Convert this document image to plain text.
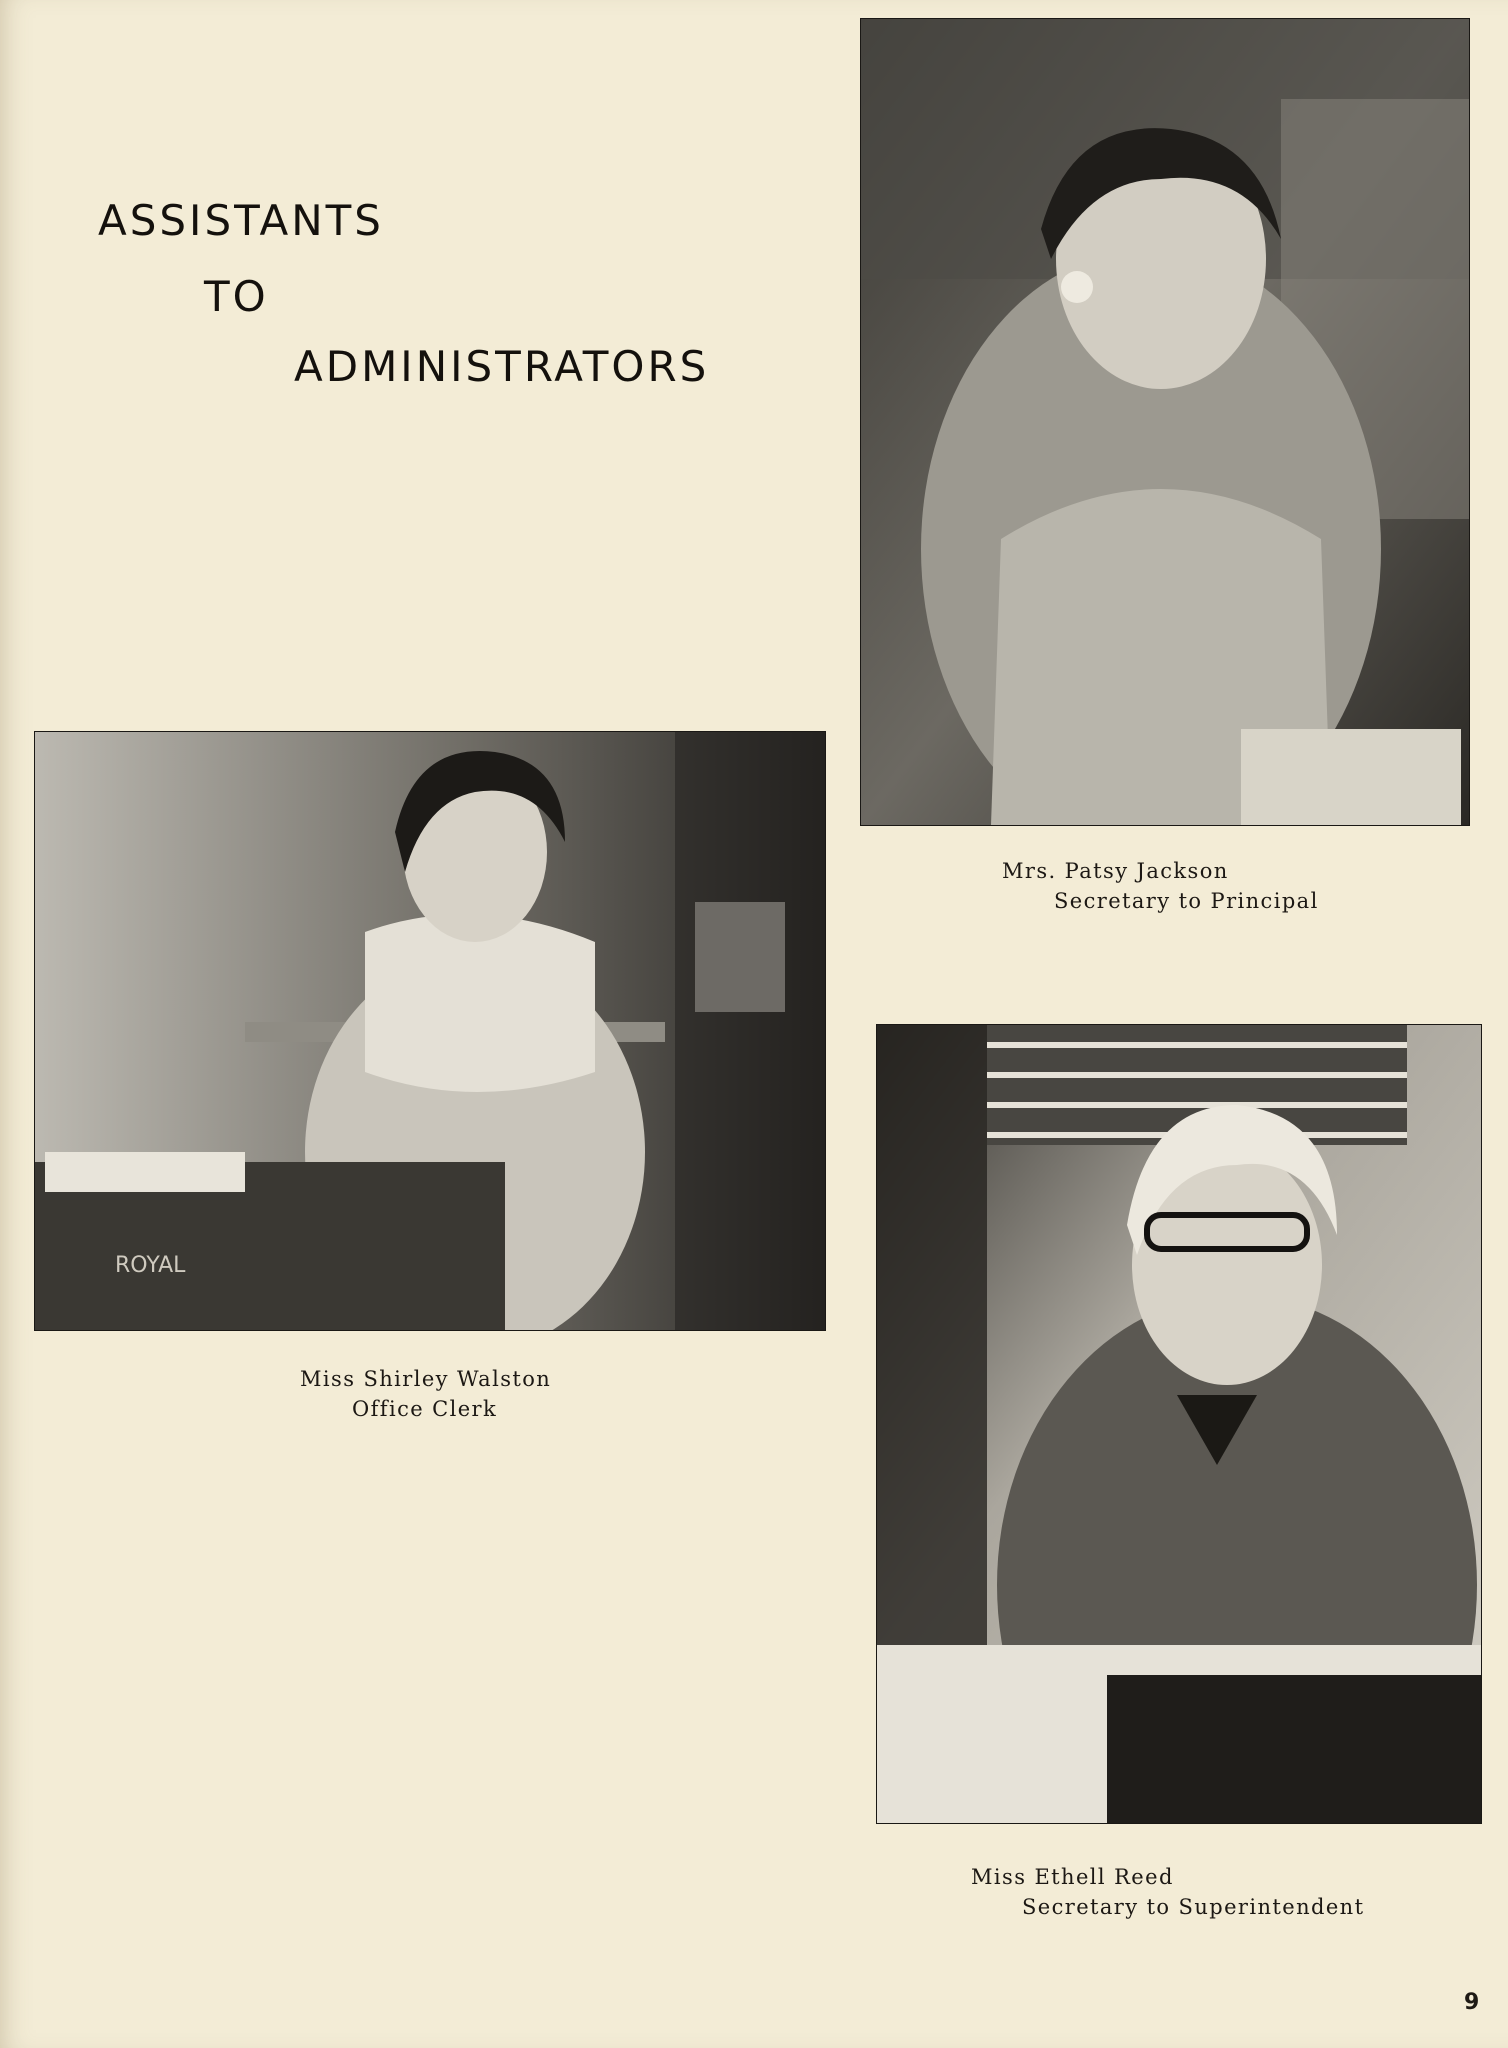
ASSISTANTS
TO
ADMINISTRATORS
ROYAL
Mrs. Patsy Jackson
Secretary to Principal
Miss Shirley Walston
Office Clerk
Miss Ethell Reed
Secretary to Superintendent
9
